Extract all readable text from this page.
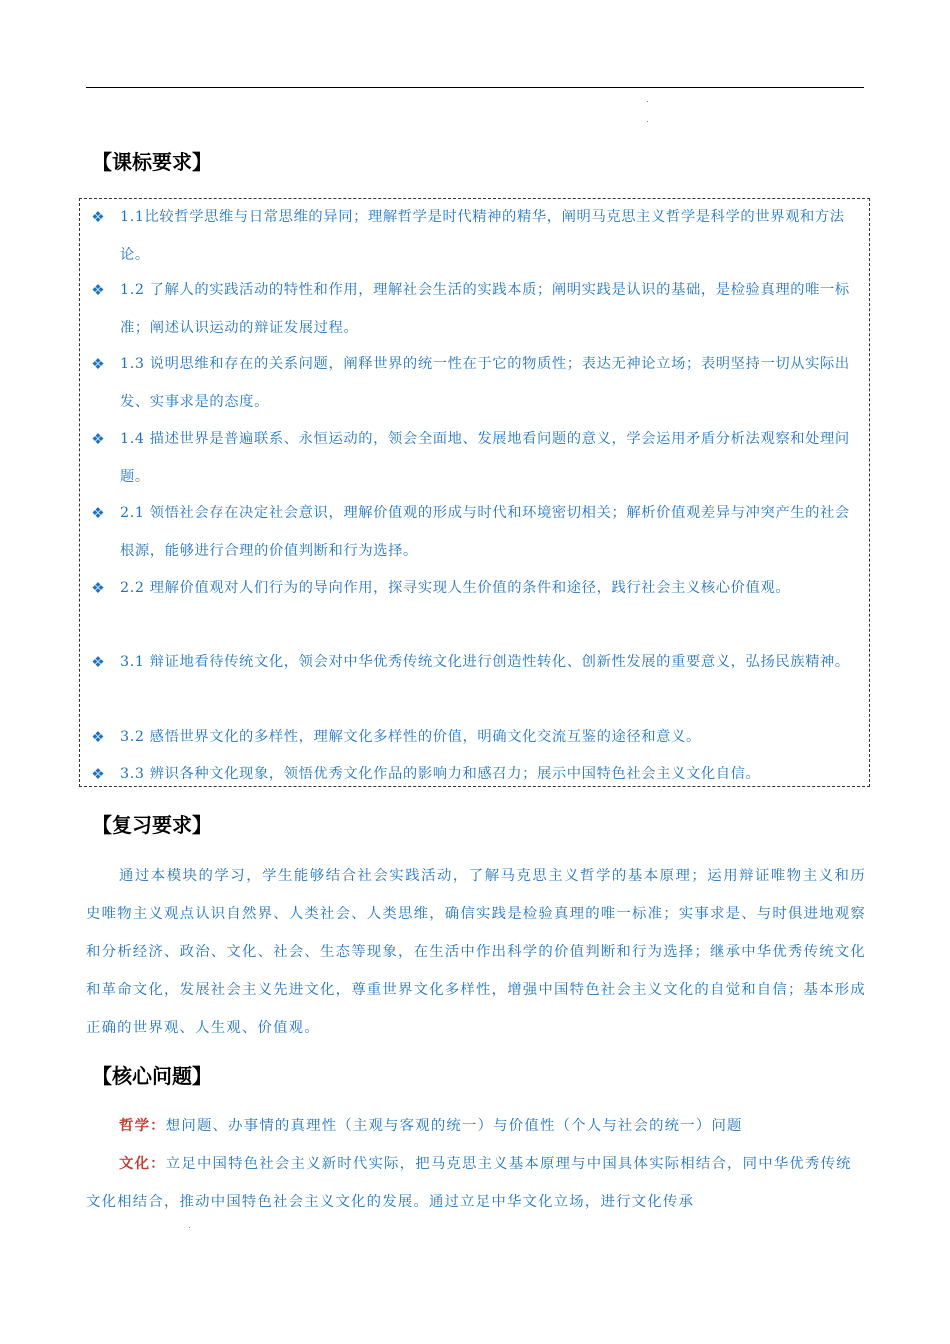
【课标要求】
❖	1.1比较哲学思维与日常思维的异同；理解哲学是时代精神的精华，阐明马克思主义哲学是科学的世界观和方法论。
❖	1.2 了解人的实践活动的特性和作用，理解社会生活的实践本质；阐明实践是认识的基础，是检验真理的唯一标准；阐述认识运动的辩证发展过程。
❖	1.3 说明思维和存在的关系问题，阐释世界的统一性在于它的物质性；表达无神论立场；表明坚持一切从实际出发、实事求是的态度。
❖	1.4 描述世界是普遍联系、永恒运动的，领会全面地、发展地看问题的意义，学会运用矛盾分析法观察和处理问题。
❖	2.1 领悟社会存在决定社会意识，理解价值观的形成与时代和环境密切相关；解析价值观差异与冲突产生的社会根源，能够进行合理的价值判断和行为选择。
❖	2.2 理解价值观对人们行为的导向作用，探寻实现人生价值的条件和途径，践行社会主义核心价值观。
❖	3.1 辩证地看待传统文化，领会对中华优秀传统文化进行创造性转化、创新性发展的重要意义，弘扬民族精神。
❖	3.2 感悟世界文化的多样性，理解文化多样性的价值，明确文化交流互鉴的途径和意义。
❖	3.3 辨识各种文化现象，领悟优秀文化作品的影响力和感召力；展示中国特色社会主义文化自信。
【复习要求】

通过本模块的学习，学生能够结合社会实践活动，了解马克思主义哲学的基本原理；运用辩证唯物主义和历史唯物主义观点认识自然界、人类社会、人类思维，确信实践是检验真理的唯一标准；实事求是、与时俱进地观察和分析经济、政治、文化、社会、生态等现象，在生活中作出科学的价值判断和行为选择；继承中华优秀传统文化和革命文化，发展社会主义先进文化，尊重世界文化多样性，增强中国特色社会主义文化的自觉和自信；基本形成正确的世界观、人生观、价值观。

【核心问题】

哲学：想问题、办事情的真理性（主观与客观的统一）与价值性（个人与社会的统一）问题

文化：立足中国特色社会主义新时代实际，把马克思主义基本原理与中国具体实际相结合，同中华优秀传统文化相结合，推动中国特色社会主义文化的发展。通过立足中华文化立场，进行文化传承
